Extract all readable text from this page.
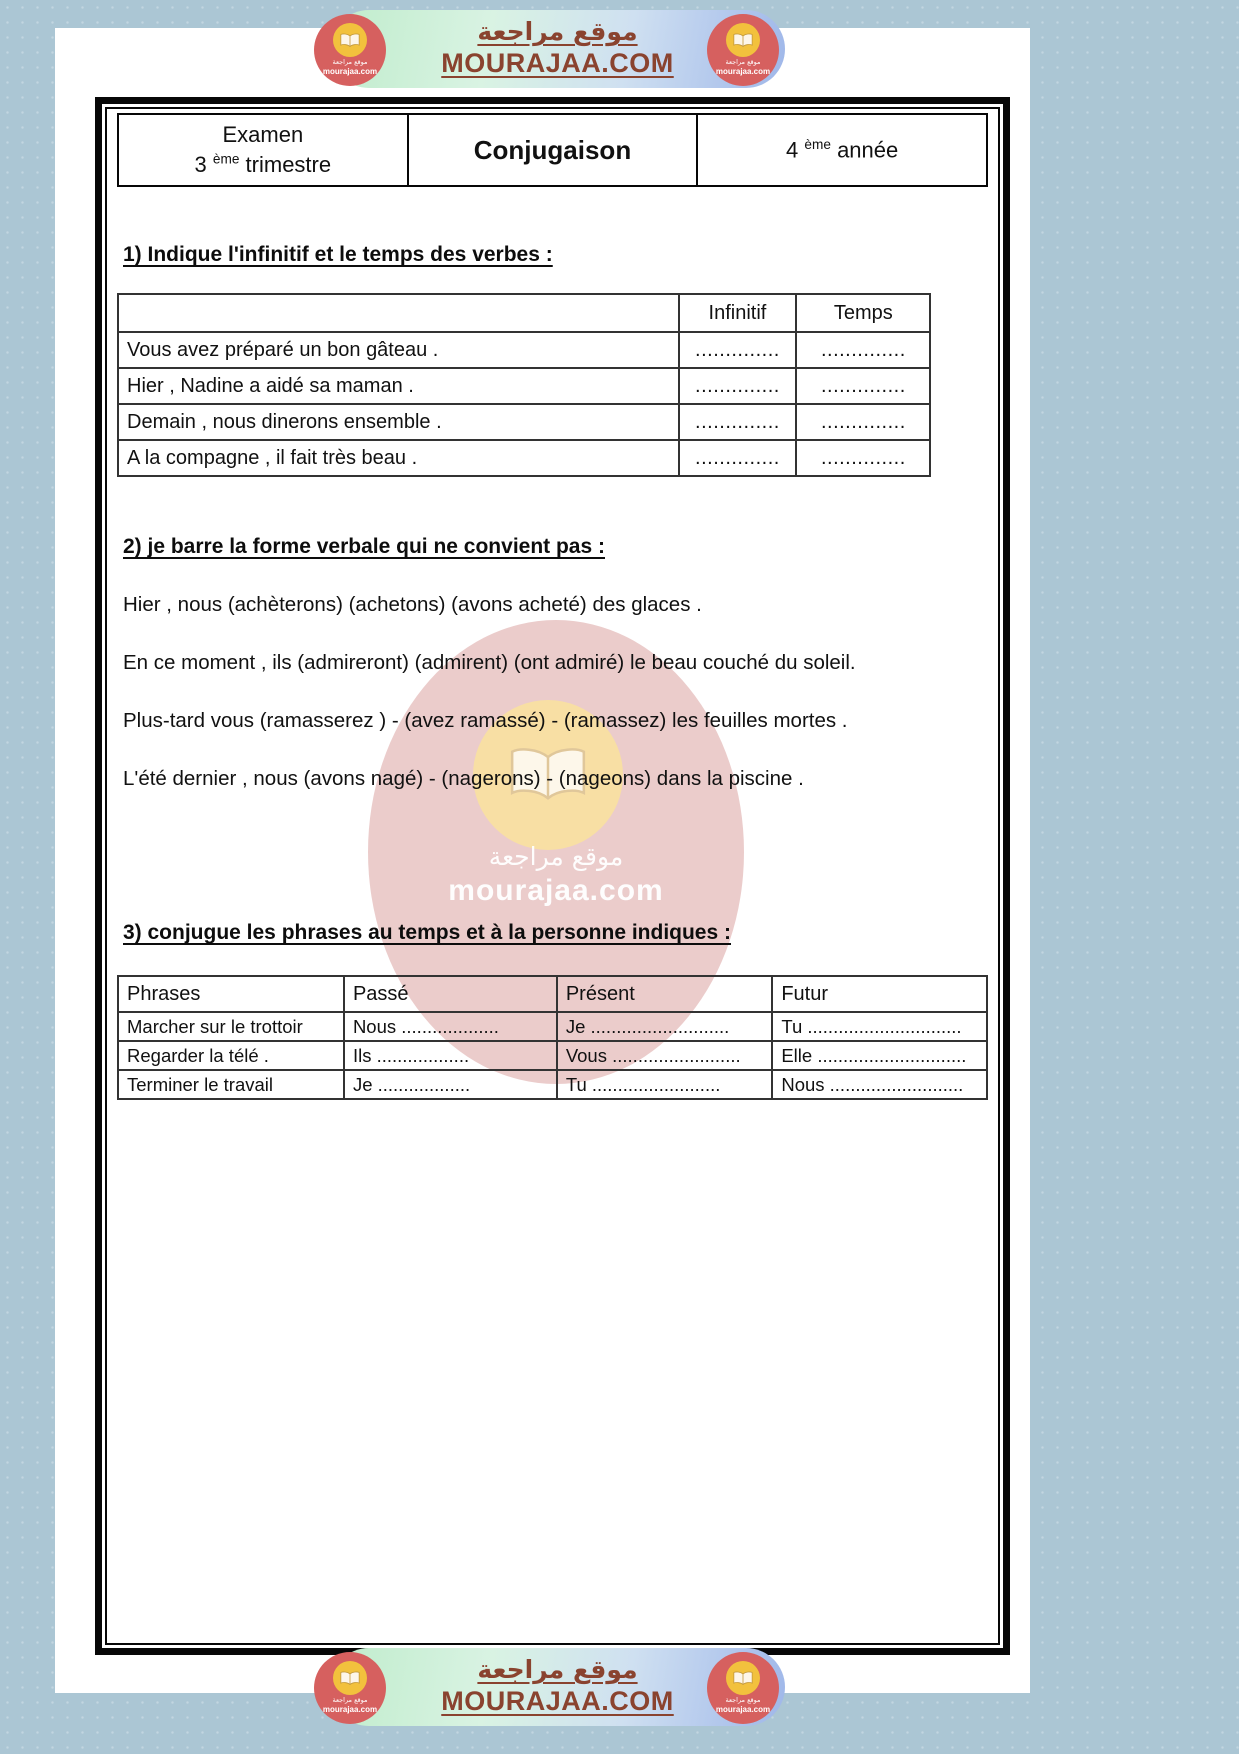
موقع مراجعة
MOURAJAA.COM
موقع مراجعة
mourajaa.com
موقع مراجعة
mourajaa.com
موقع مراجعة
mourajaa.com
Examen
3 $^{ème}$ trimestre	Conjugaison	4 $^{ème}$ année
1) Indique l'infinitif et le temps des verbes :
	Infinitif	Temps
Vous avez préparé un bon gâteau .	..............	..............
Hier , Nadine a aidé sa maman .	..............	..............
Demain , nous dinerons ensemble .	..............	..............
A la compagne , il fait très beau .	..............	..............
2) je barre la forme verbale qui ne convient pas :

Hier , nous (achèterons) (achetons) (avons acheté) des glaces .

En ce moment , ils (admireront) (admirent) (ont admiré) le beau couché du soleil.

Plus-tard vous (ramasserez ) - (avez ramassé) - (ramassez) les feuilles mortes .

L'été dernier , nous (avons nagé) - (nagerons) - (nageons) dans la piscine .

3) conjugue les phrases au temps et à la personne indiques :
Phrases	Passé	Présent	Futur
Marcher sur le trottoir	Nous ...................	Je ...........................	Tu ..............................
Regarder la télé .	Ils ..................	Vous .........................	Elle .............................
Terminer le travail	Je ..................	Tu .........................	Nous ..........................
موقع مراجعة
MOURAJAA.COM
موقع مراجعة
mourajaa.com
موقع مراجعة
mourajaa.com
